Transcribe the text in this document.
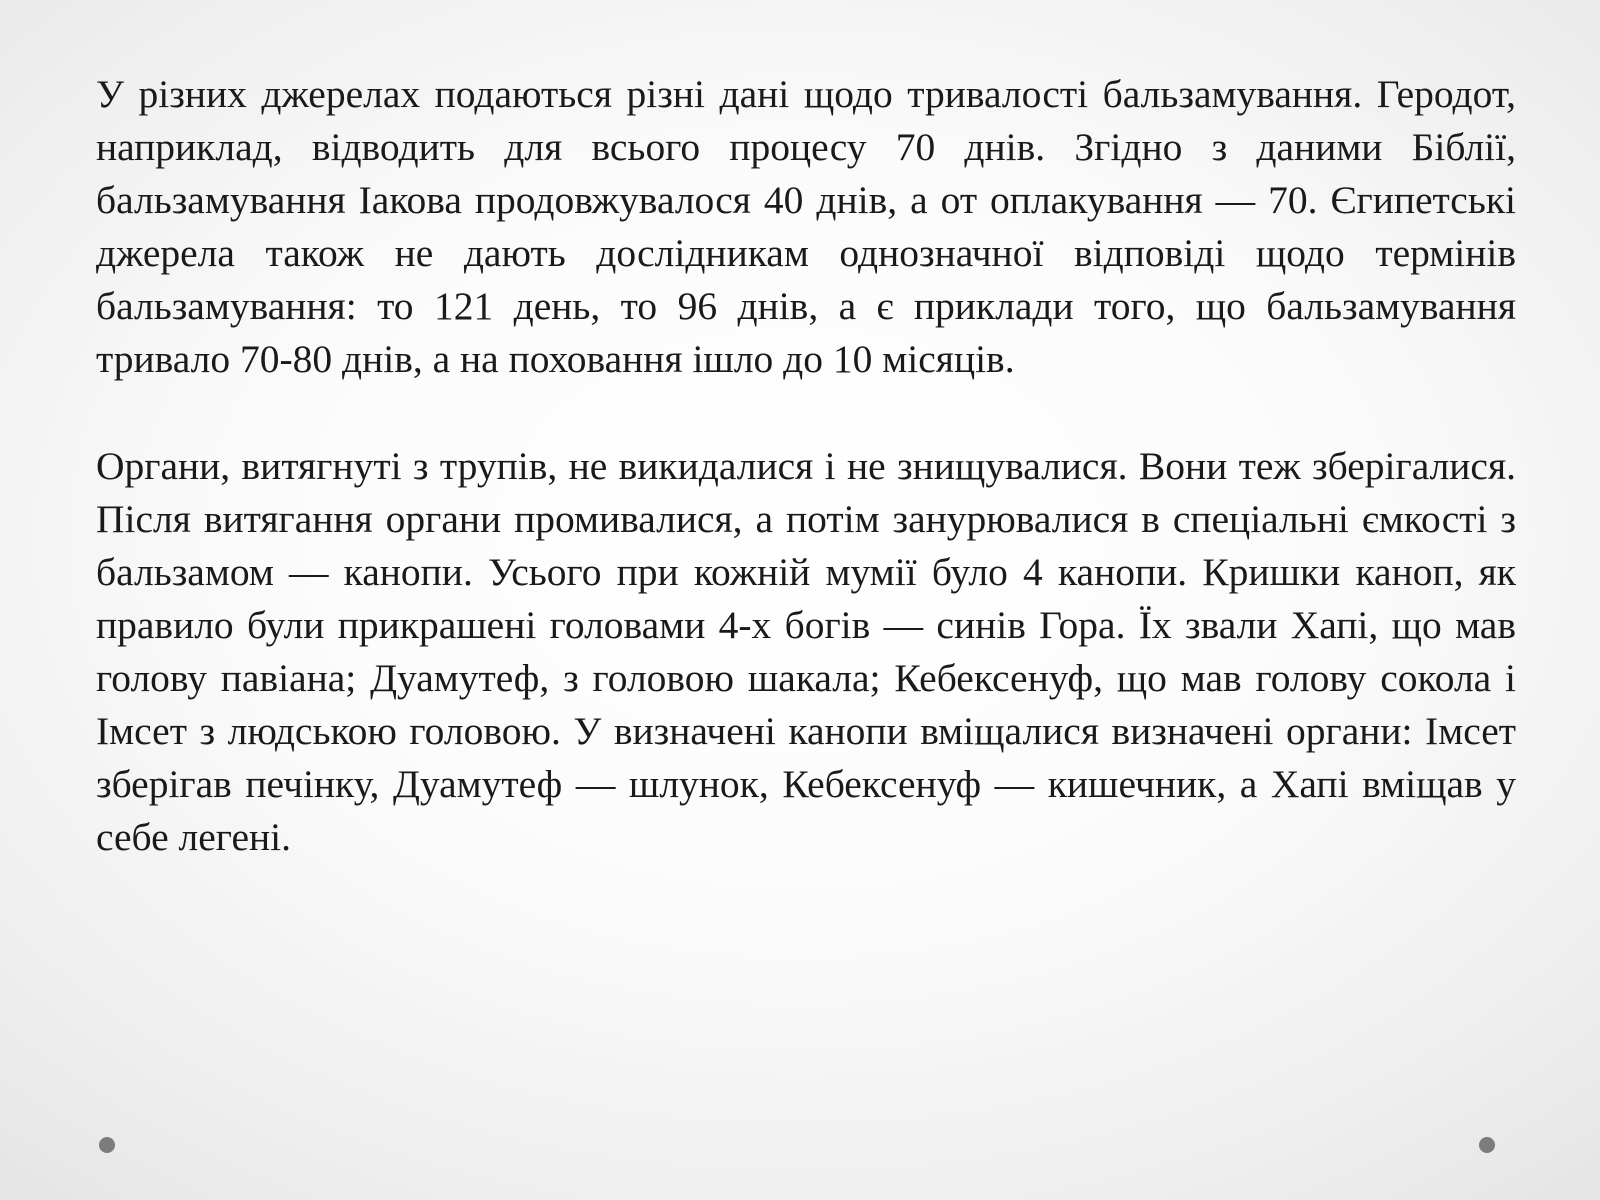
У різних джерелах подаються різні дані щодо тривалості бальзамування. Геродот, наприклад, відводить для всього процесу 70 днів. Згідно з даними Біблії, бальзамування Іакова продовжувалося 40 днів, а от оплакування — 70. Єгипетські джерела також не дають дослідникам однозначної відповіді щодо термінів бальзамування: то 121 день, то 96 днів, а є приклади того, що бальзамування тривало 70-80 днів, а на поховання ішло до 10 місяців.

Органи, витягнуті з трупів, не викидалися і не знищувалися. Вони теж зберігалися. Після витягання органи промивалися, а потім занурювалися в спеціальні ємкості з бальзамом — канопи. Усього при кожній мумії було 4 канопи. Кришки каноп, як правило були прикрашені головами 4-х богів — синів Гора. Їх звали Хапі, що мав голову павіана; Дуамутеф, з головою шакала; Кебексенуф, що мав голову сокола і Імсет з людською головою. У визначені канопи вміщалися визначені органи: Імсет зберігав печінку, Дуамутеф — шлунок, Кебексенуф — кишечник, а Хапі вміщав у себе легені.
